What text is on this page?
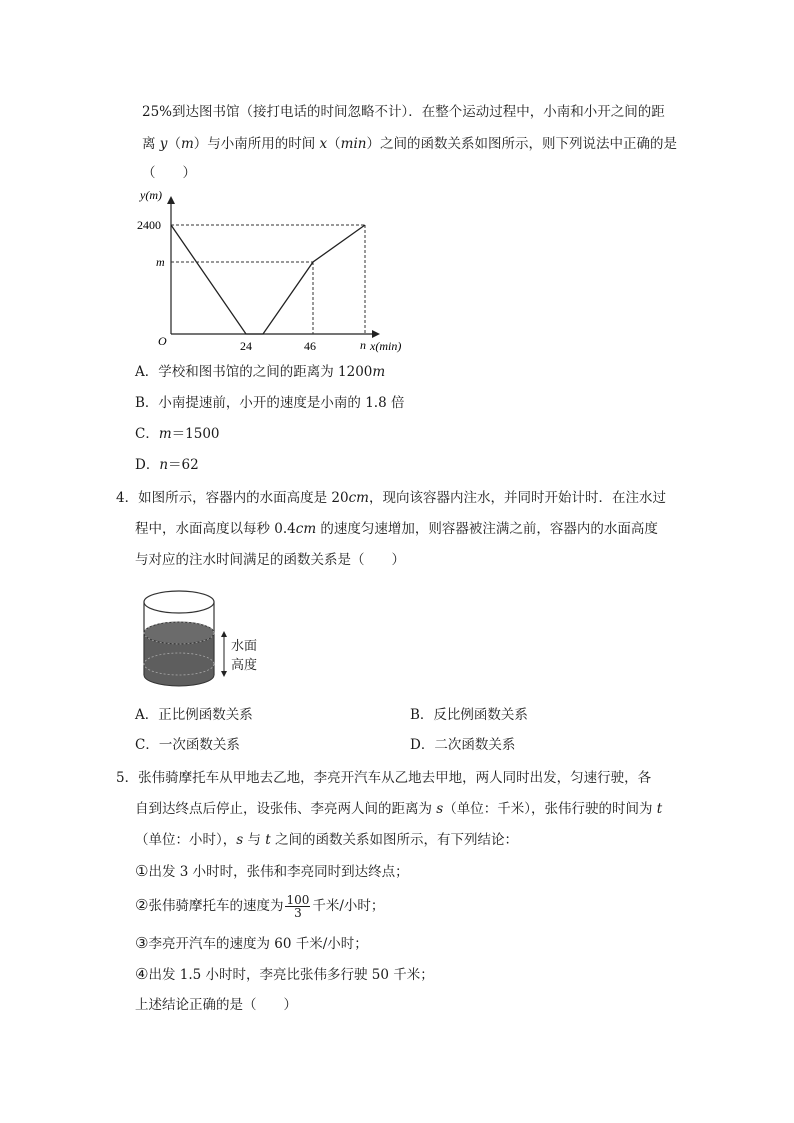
25%到达图书馆（接打电话的时间忽略不计）．在整个运动过程中，小南和小开之间的距
离 y（m）与小南所用的时间 x（min）之间的函数关系如图所示，则下列说法中正确的是
（　　）
y(m)
2400
m
O	24	46	n x(min)
A．学校和图书馆的之间的距离为 1200m
B．小南提速前，小开的速度是小南的 1.8 倍
C．m＝1500
D．n＝62
4．如图所示，容器内的水面高度是 20cm，现向该容器内注水，并同时开始计时．在注水过
程中，水面高度以每秒 0.4cm 的速度匀速增加，则容器被注满之前，容器内的水面高度
与对应的注水时间满足的函数关系是（　　）
水面
高度
A．正比例函数关系	B．反比例函数关系
C．一次函数关系	D．二次函数关系
5．张伟骑摩托车从甲地去乙地，李亮开汽车从乙地去甲地，两人同时出发，匀速行驶，各
自到达终点后停止，设张伟、李亮两人间的距离为 s（单位：千米），张伟行驶的时间为 t
（单位：小时），s 与 t 之间的函数关系如图所示，有下列结论：
①出发 3 小时时，张伟和李亮同时到达终点；
②张伟骑摩托车的速度为 $\frac{100}{3}$ 千米/小时；
③李亮开汽车的速度为 60 千米/小时；
④出发 1.5 小时时，李亮比张伟多行驶 50 千米；
上述结论正确的是（　　）
